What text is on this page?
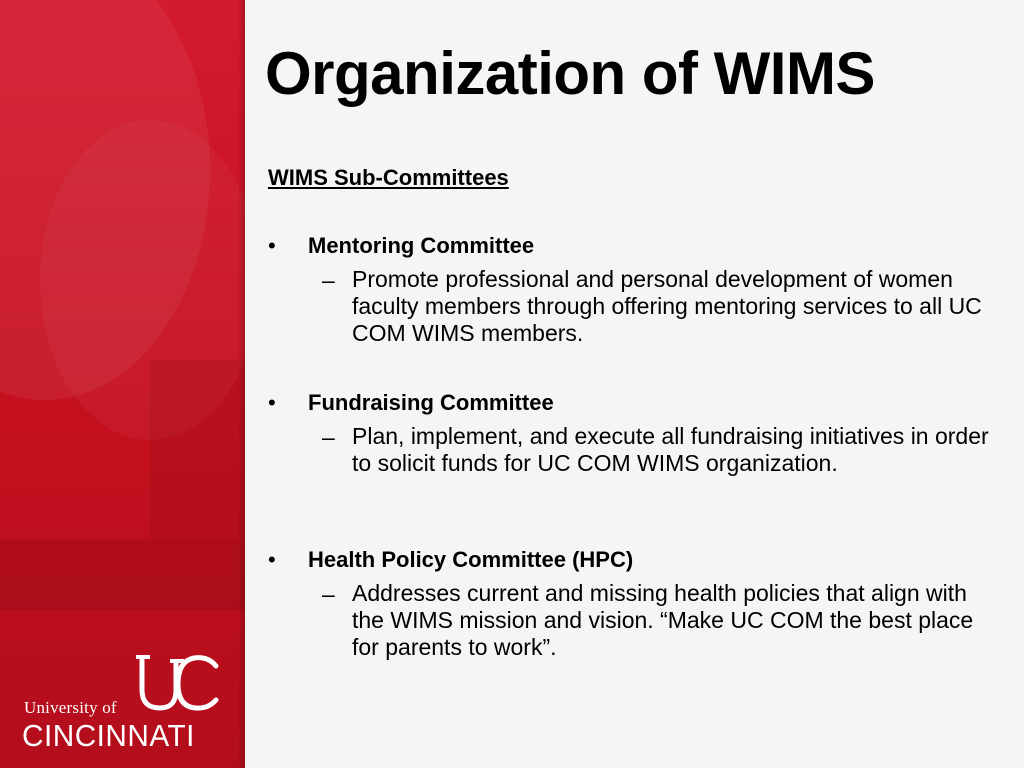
University of
CINCINNATI
Organization of WIMS
WIMS Sub-Committees
• Mentoring Committee
– Promote professional and personal development of women faculty members through offering mentoring services to all UC COM WIMS members.
• Fundraising Committee
– Plan, implement, and execute all fundraising initiatives in order to solicit funds for UC COM WIMS organization.
• Health Policy Committee (HPC)
– Addresses current and missing health policies that align with the WIMS mission and vision. “Make UC COM the best place for parents to work”.
